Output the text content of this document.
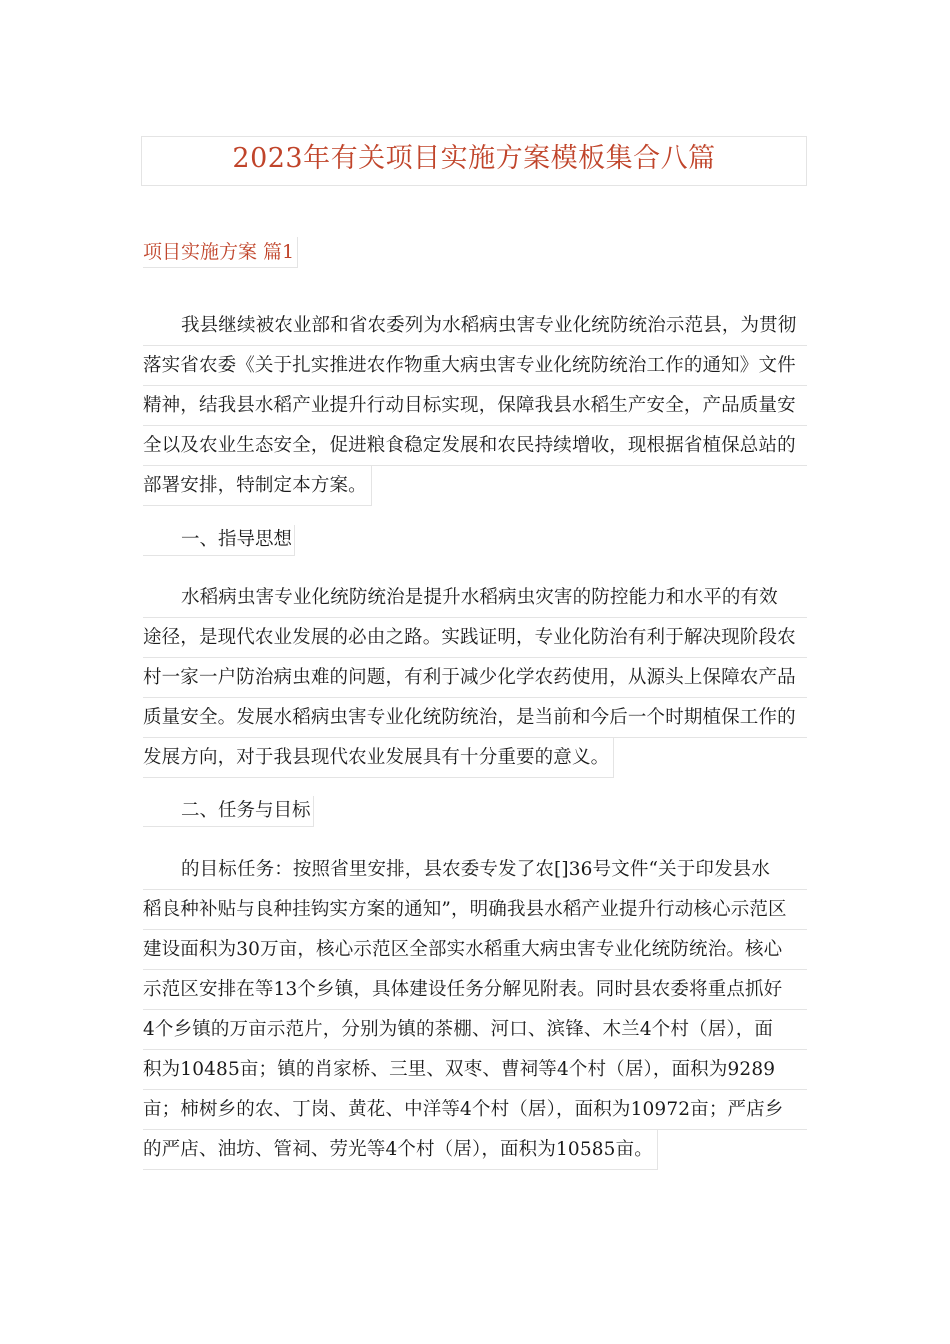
2023年有关项目实施方案模板集合八篇
项目实施方案 篇1
我县继续被农业部和省农委列为水稻病虫害专业化统防统治示范县，为贯彻
落实省农委《关于扎实推进农作物重大病虫害专业化统防统治工作的通知》文件
精神，结我县水稻产业提升行动目标实现，保障我县水稻生产安全，产品质量安
全以及农业生态安全，促进粮食稳定发展和农民持续增收，现根据省植保总站的
部署安排，特制定本方案。
一、指导思想
水稻病虫害专业化统防统治是提升水稻病虫灾害的防控能力和水平的有效
途径，是现代农业发展的必由之路。实践证明，专业化防治有利于解决现阶段农
村一家一户防治病虫难的问题，有利于减少化学农药使用，从源头上保障农产品
质量安全。发展水稻病虫害专业化统防统治，是当前和今后一个时期植保工作的
发展方向，对于我县现代农业发展具有十分重要的意义。
二、任务与目标
的目标任务：按照省里安排，县农委专发了农[]36号文件“关于印发县水
稻良种补贴与良种挂钩实方案的通知”，明确我县水稻产业提升行动核心示范区
建设面积为30万亩，核心示范区全部实水稻重大病虫害专业化统防统治。核心
示范区安排在等13个乡镇，具体建设任务分解见附表。同时县农委将重点抓好
4个乡镇的万亩示范片，分别为镇的茶棚、河口、滨锋、木兰4个村（居），面
积为10485亩；镇的肖家桥、三里、双枣、曹祠等4个村（居），面积为9289
亩；柿树乡的农、丁岗、黄花、中洋等4个村（居），面积为10972亩；严店乡
的严店、油坊、管祠、劳光等4个村（居），面积为10585亩。
